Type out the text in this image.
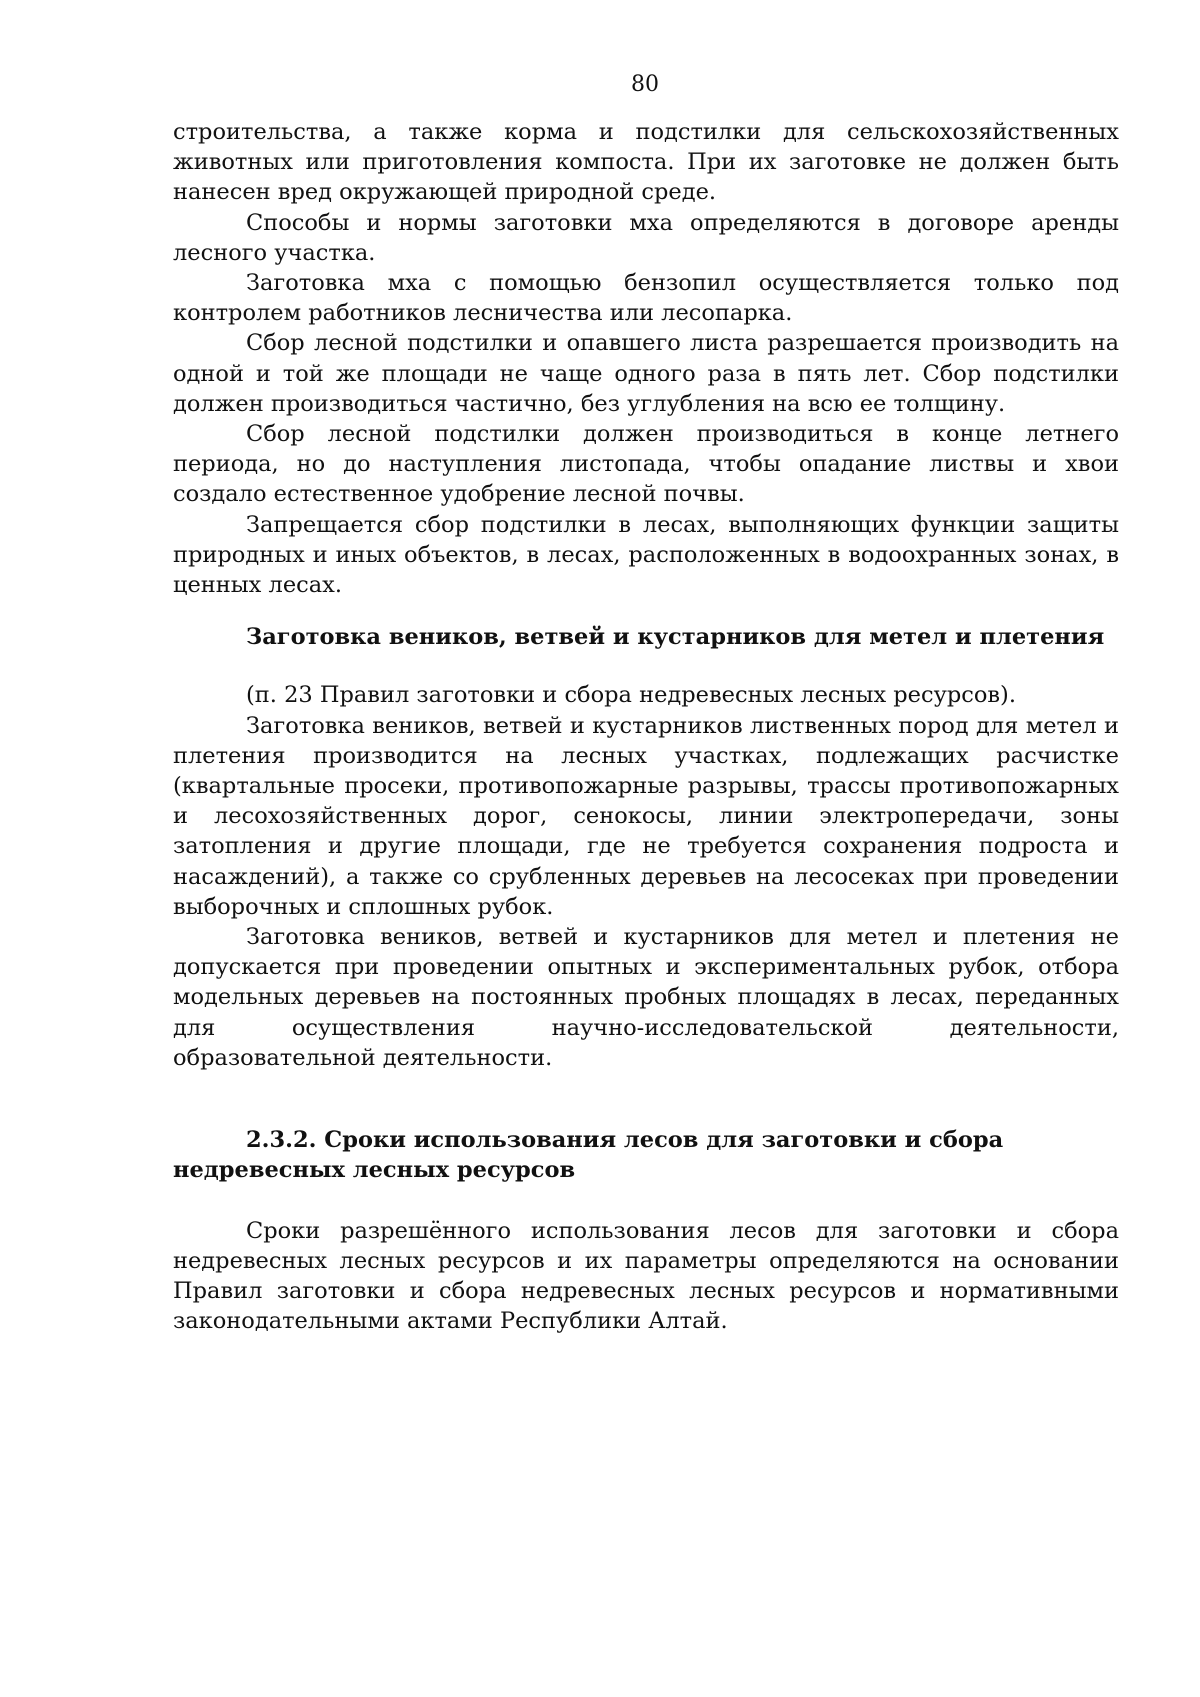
80

строительства, а также корма и подстилки для сельскохозяйственных животных или приготовления компоста. При их заготовке не должен быть нанесен вред окружающей природной среде.

Способы и нормы заготовки мха определяются в договоре аренды лесного участка.

Заготовка мха с помощью бензопил осуществляется только под контролем работников лесничества или лесопарка.

Сбор лесной подстилки и опавшего листа разрешается производить на одной и той же площади не чаще одного раза в пять лет. Сбор подстилки должен производиться частично, без углубления на всю ее толщину.

Сбор лесной подстилки должен производиться в конце летнего периода, но до наступления листопада, чтобы опадание листвы и хвои создало естественное удобрение лесной почвы.

Запрещается сбор подстилки в лесах, выполняющих функции защиты природных и иных объектов, в лесах, расположенных в водоохранных зонах, в ценных лесах.

Заготовка веников, ветвей и кустарников для метел и плетения

(п. 23 Правил заготовки и сбора недревесных лесных ресурсов).

Заготовка веников, ветвей и кустарников лиственных пород для метел и плетения производится на лесных участках, подлежащих расчистке (квартальные просеки, противопожарные разрывы, трассы противопожарных и лесохозяйственных дорог, сенокосы, линии электропередачи, зоны затопления и другие площади, где не требуется сохранения подроста и насаждений), а также со срубленных деревьев на лесосеках при проведении выборочных и сплошных рубок.

Заготовка веников, ветвей и кустарников для метел и плетения не допускается при проведении опытных и экспериментальных рубок, отбора модельных деревьев на постоянных пробных площадях в лесах, переданных для осуществления научно-исследовательской деятельности, образовательной деятельности.

2.3.2. Сроки использования лесов для заготовки и сбора недревесных лесных ресурсов

Сроки разрешённого использования лесов для заготовки и сбора недревесных лесных ресурсов и их параметры определяются на основании Правил заготовки и сбора недревесных лесных ресурсов и нормативными законодательными актами Республики Алтай.
